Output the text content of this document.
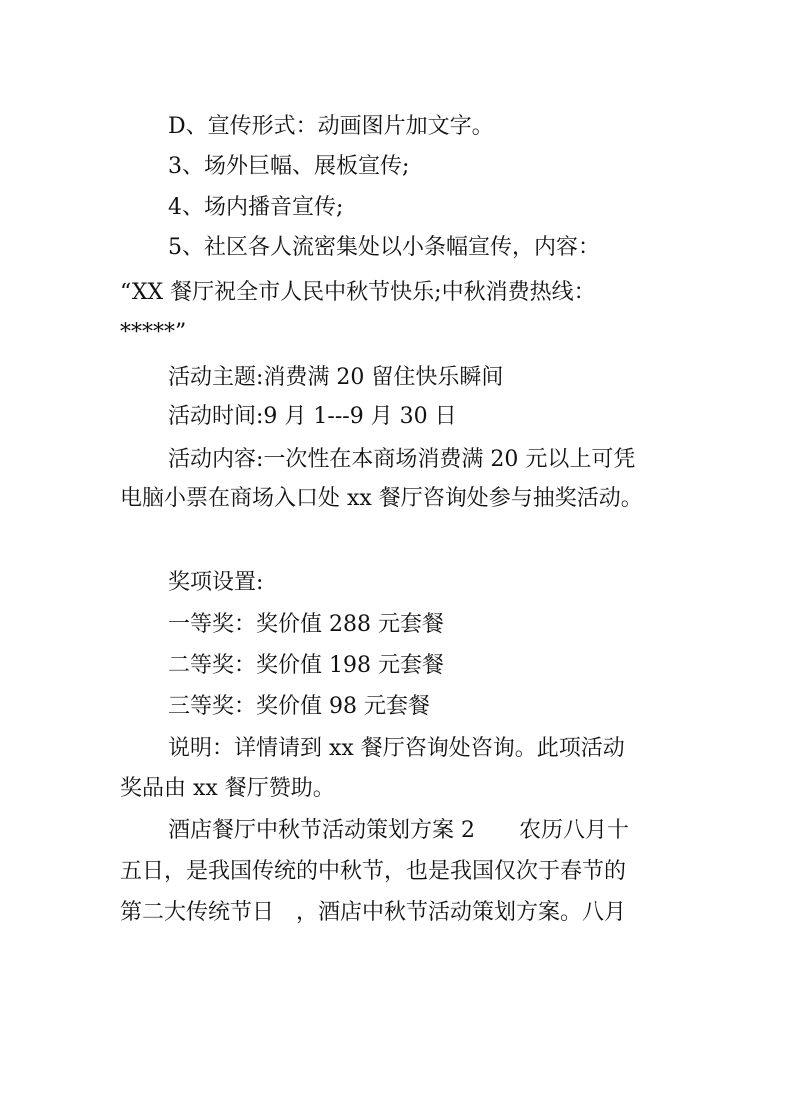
D、宣传形式：动画图片加文字。
3、场外巨幅、展板宣传;
4、场内播音宣传;
5、社区各人流密集处以小条幅宣传，内容：
“XX 餐厅祝全市人民中秋节快乐;中秋消费热线：
*****”
活动主题:消费满 20 留住快乐瞬间
活动时间:9 月 1---9 月 30 日
活动内容:一次性在本商场消费满 20 元以上可凭
电脑小票在商场入口处 xx 餐厅咨询处参与抽奖活动。
奖项设置:
一等奖：奖价值 288 元套餐
二等奖：奖价值 198 元套餐
三等奖：奖价值 98 元套餐
说明：详情请到 xx 餐厅咨询处咨询。此项活动
奖品由 xx 餐厅赞助。
酒店餐厅中秋节活动策划方案 2　　农历八月十
五日，是我国传统的中秋节，也是我国仅次于春节的
第二大传统节日　，酒店中秋节活动策划方案。八月
